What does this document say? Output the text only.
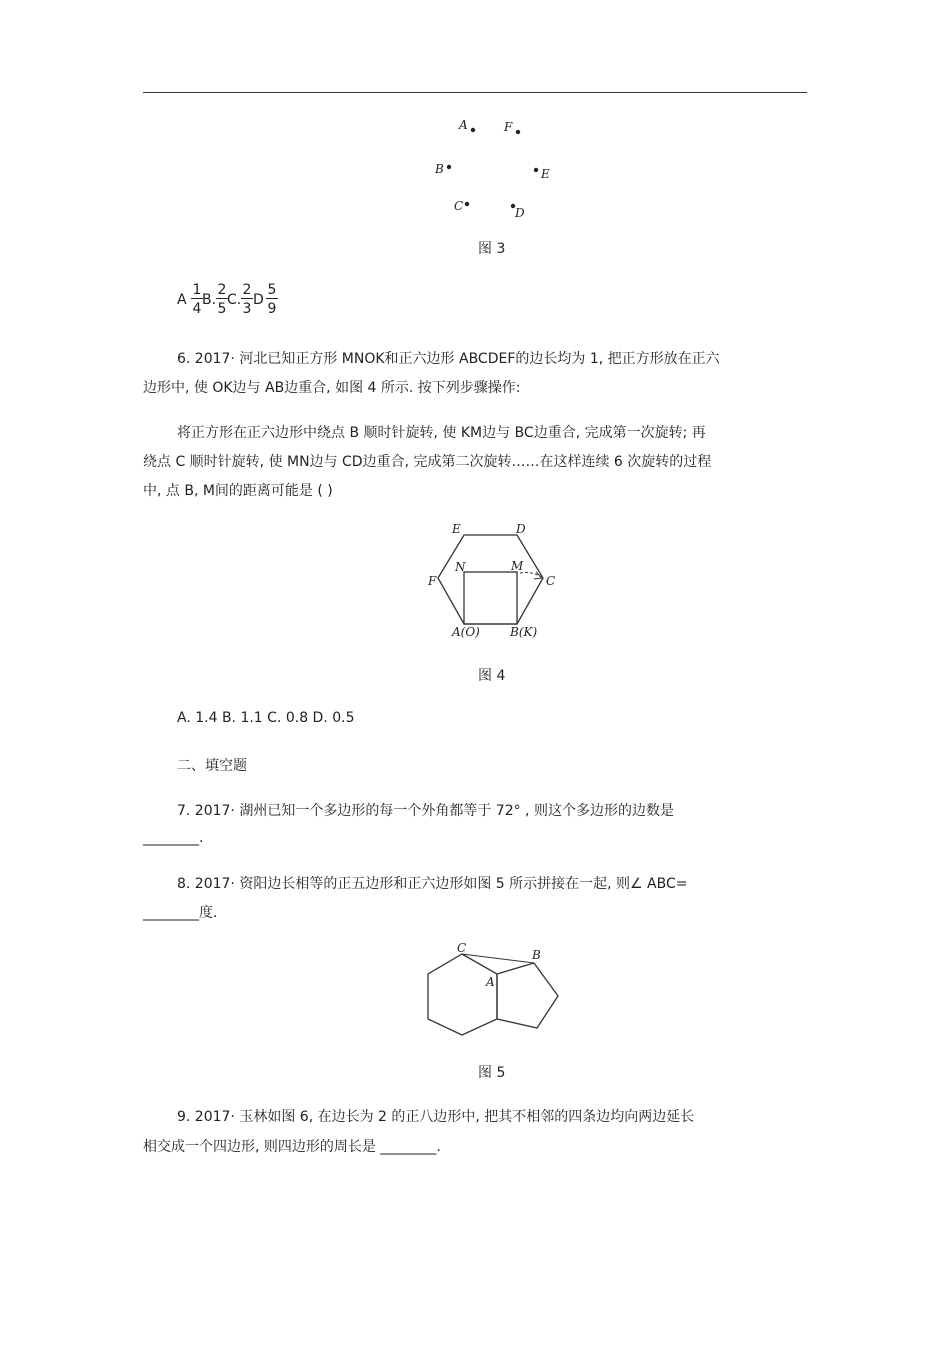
A	F
B	E
C	D
图 3
A
1
4
B.
2
5
C.
2
3
D
5
9
6. 2017· 河北已知正方形 MNOK和正六边形 ABCDEF的边长均为 1, 把正方形放在正六
边形中, 使 OK边与 AB边重合, 如图 4 所示. 按下列步骤操作:
将正方形在正六边形中绕点 B 顺时针旋转, 使 KM边与 BC边重合, 完成第一次旋转; 再
绕点 C 顺时针旋转, 使 MN边与 CD边重合, 完成第二次旋转……在这样连续 6 次旋转的过程
中, 点 B, M间的距离可能是 ( )
E	D
N	M
F	C
A(O)	B(K)
图 4
A. 1.4 B. 1.1 C. 0.8 D. 0.5
二、填空题
7. 2017· 湖州已知一个多边形的每一个外角都等于 72° , 则这个多边形的边数是
________.
8. 2017· 资阳边长相等的正五边形和正六边形如图 5 所示拼接在一起, 则∠ ABC=
________度.
C	B
A
图 5
9. 2017· 玉林如图 6, 在边长为 2 的正八边形中, 把其不相邻的四条边均向两边延长
相交成一个四边形, 则四边形的周长是 ________.
